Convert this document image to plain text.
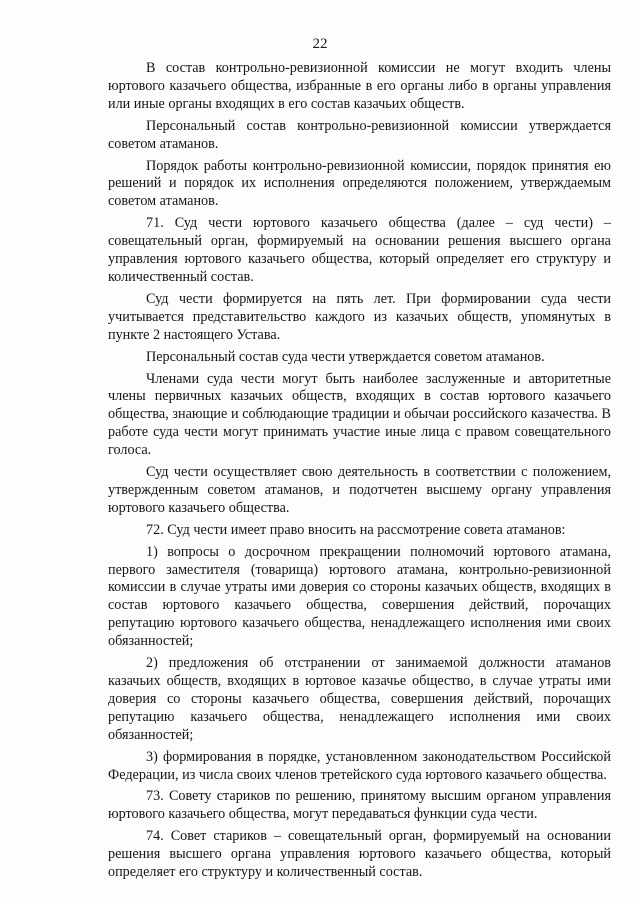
22

В состав контрольно-ревизионной комиссии не могут входить члены юртового казачьего общества, избранные в его органы либо в органы управления или иные органы входящих в его состав казачьих обществ.

Персональный состав контрольно-ревизионной комиссии утверждается советом атаманов.

Порядок работы контрольно-ревизионной комиссии, порядок принятия ею решений и порядок их исполнения определяются положением, утверждаемым советом атаманов.

71. Суд чести юртового казачьего общества (далее – суд чести) – совещательный орган, формируемый на основании решения высшего органа управления юртового казачьего общества, который определяет его структуру и количественный состав.

Суд чести формируется на пять лет. При формировании суда чести учитывается представительство каждого из казачьих обществ, упомянутых в пункте 2 настоящего Устава.

Персональный состав суда чести утверждается советом атаманов.

Членами суда чести могут быть наиболее заслуженные и авторитетные члены первичных казачьих обществ, входящих в состав юртового казачьего общества, знающие и соблюдающие традиции и обычаи российского казачества. В работе суда чести могут принимать участие иные лица с правом совещательного голоса.

Суд чести осуществляет свою деятельность в соответствии с положением, утвержденным советом атаманов, и подотчетен высшему органу управления юртового казачьего общества.

72. Суд чести имеет право вносить на рассмотрение совета атаманов:

1) вопросы о досрочном прекращении полномочий юртового атамана, первого заместителя (товарища) юртового атамана, контрольно-ревизионной комиссии в случае утраты ими доверия со стороны казачьих обществ, входящих в состав юртового казачьего общества, совершения действий, порочащих репутацию юртового казачьего общества, ненадлежащего исполнения ими своих обязанностей;

2) предложения об отстранении от занимаемой должности атаманов казачьих обществ, входящих в юртовое казачье общество, в случае утраты ими доверия со стороны казачьего общества, совершения действий, порочащих репутацию казачьего общества, ненадлежащего исполнения ими своих обязанностей;

3) формирования в порядке, установленном законодательством Российской Федерации, из числа своих членов третейского суда юртового казачьего общества.

73. Совету стариков по решению, принятому высшим органом управления юртового казачьего общества, могут передаваться функции суда чести.

74. Совет стариков – совещательный орган, формируемый на основании решения высшего органа управления юртового казачьего общества, который определяет его структуру и количественный состав.
